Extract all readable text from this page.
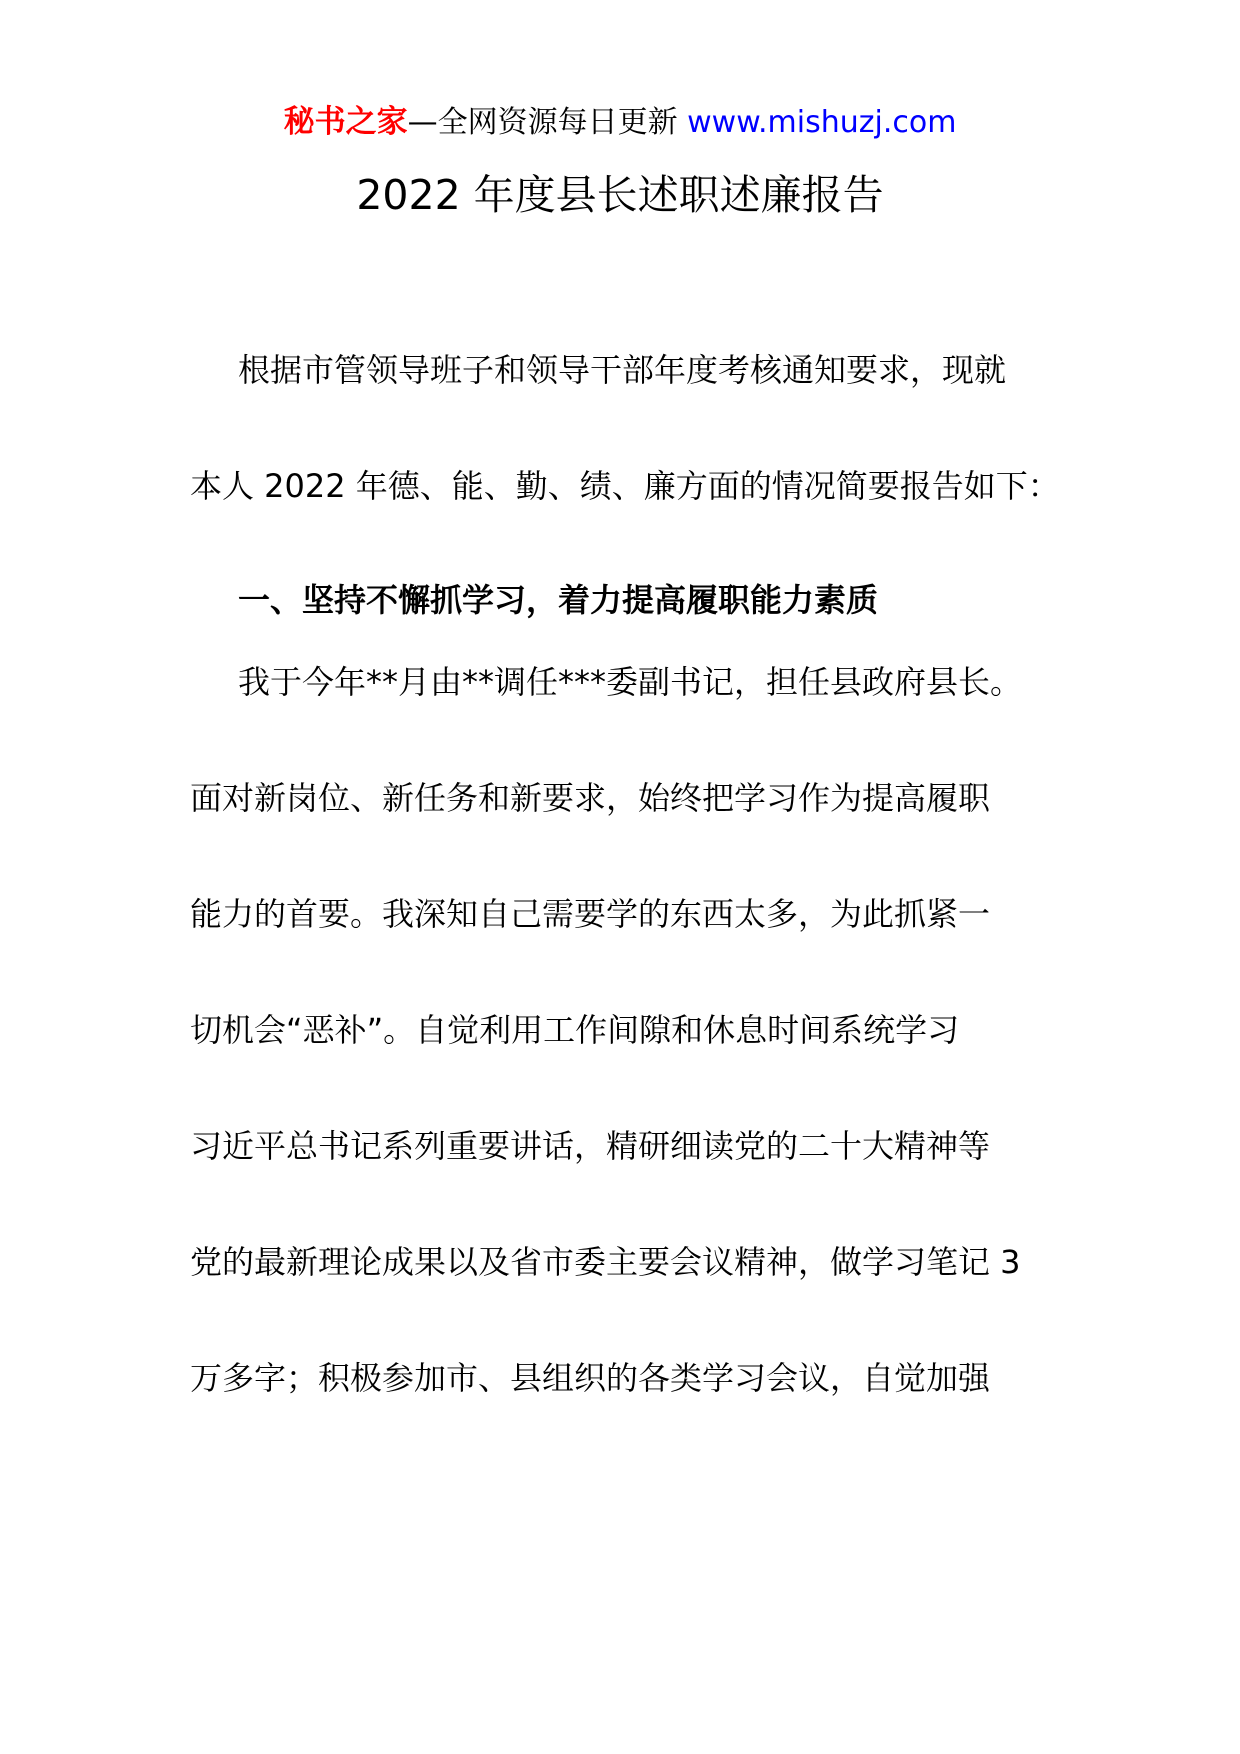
秘书之家—全网资源每日更新 www.mishuzj.com
2022 年度县长述职述廉报告
根据市管领导班子和领导干部年度考核通知要求，现就
本人 2022 年德、能、勤、绩、廉方面的情况简要报告如下：
一、坚持不懈抓学习，着力提高履职能力素质
我于今年**月由**调任***委副书记，担任县政府县长。
面对新岗位、新任务和新要求，始终把学习作为提高履职
能力的首要。我深知自己需要学的东西太多，为此抓紧一
切机会“恶补”。自觉利用工作间隙和休息时间系统学习
习近平总书记系列重要讲话，精研细读党的二十大精神等
党的最新理论成果以及省市委主要会议精神，做学习笔记 3
万多字；积极参加市、县组织的各类学习会议，自觉加强
